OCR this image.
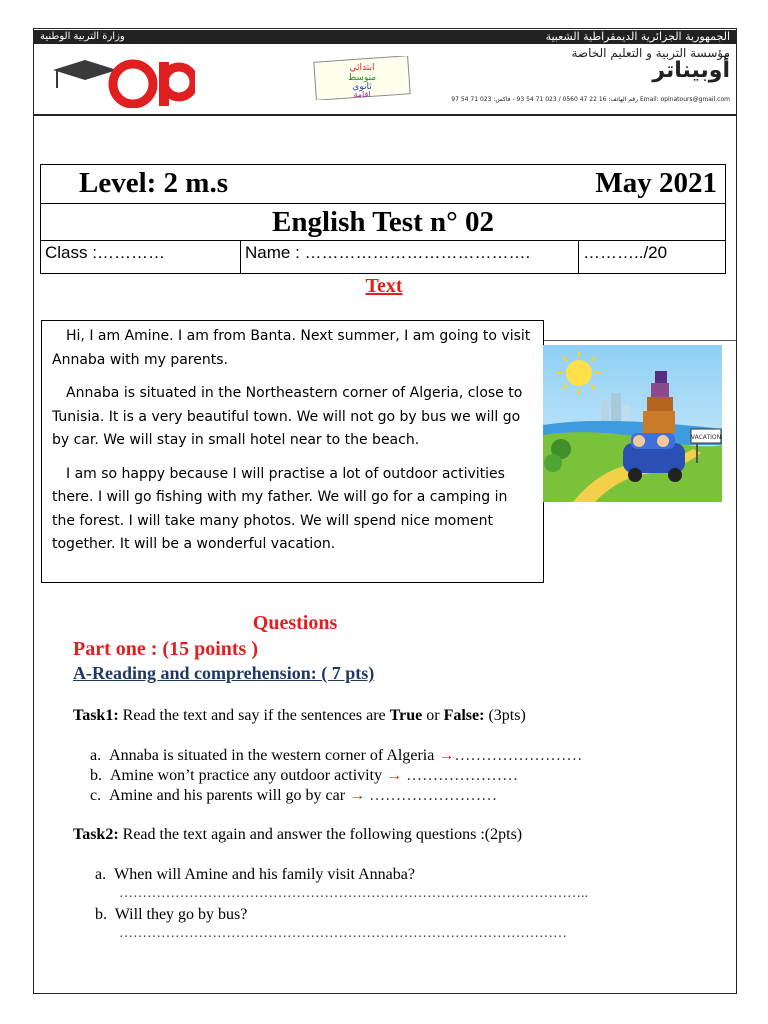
وزارة التربية الوطنية	الجمهورية الجزائرية الديمقراطية الشعبية
ابتدائي
متوسط
ثانوي
اقامة
مؤسسة التربية و التعليم الخاصة
أوبيناتر
رقم الهاتف: 16 22 47 0560 / 023 71 54 93 - فاكس: 023 71 54 97 Email: opinatours@gmail.com
Level: 2 m.s	May 2021
English Test n° 02
Class :…………	Name : ………………………………….	………../20
Text

Hi, I am Amine. I am from Banta. Next summer, I am going to visit Annaba with my parents.

Annaba is situated in the Northeastern corner of Algeria, close to Tunisia. It is a very beautiful town. We will not go by bus we will go by car. We will stay in small hotel near to the beach.

I am so happy because I will practise a lot of outdoor activities there. I will go fishing with my father. We will go for a camping in the forest. I will take many photos. We will spend nice moment together. It will be a wonderful vacation.

VACATION
Questions
Part one : (15 points )
A-Reading and comprehension: ( 7 pts)
Task1: Read the text and say if the sentences are True or False: (3pts)
a. Annaba is situated in the western corner of Algeria →……………………
b. Amine won’t practice any outdoor activity → …………………
c. Amine and his parents will go by car → ……………………
Task2: Read the text again and answer the following questions :(2pts)
a. When will Amine and his family visit Annaba?
………………………………………………………………………………………..
b.  Will they go by bus?
……………………………………………………………………………………
